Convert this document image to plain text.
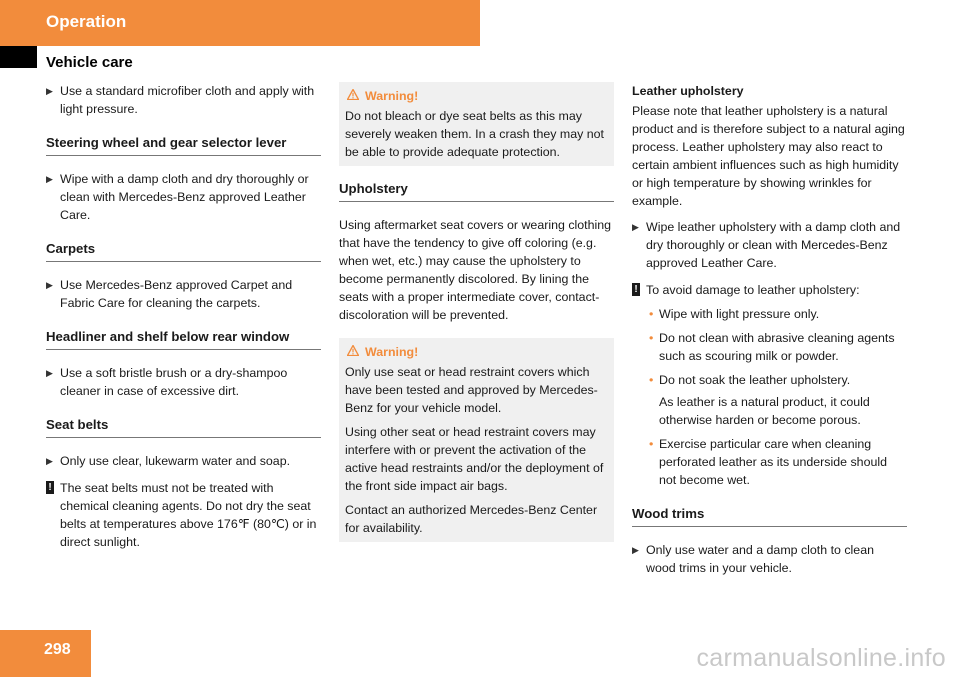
Operation
Vehicle care
▶ Use a standard microfiber cloth and apply with light pressure.
Steering wheel and gear selector lever
▶ Wipe with a damp cloth and dry thoroughly or clean with Mercedes-Benz approved Leather Care.
Carpets
▶ Use Mercedes-Benz approved Carpet and Fabric Care for cleaning the carpets.
Headliner and shelf below rear window
▶ Use a soft bristle brush or a dry-shampoo cleaner in case of excessive dirt.
Seat belts
▶ Only use clear, lukewarm water and soap.
! The seat belts must not be treated with chemical cleaning agents. Do not dry the seat belts at temperatures above 176℉ (80℃) or in direct sunlight.
Warning!

Do not bleach or dye seat belts as this may severely weaken them. In a crash they may not be able to provide adequate protection.

Upholstery

Using aftermarket seat covers or wearing clothing that have the tendency to give off coloring (e.g. when wet, etc.) may cause the upholstery to become permanently discolored. By lining the seats with a proper intermediate cover, contact-discoloration will be prevented.

Warning!

Only use seat or head restraint covers which have been tested and approved by Mercedes-Benz for your vehicle model.

Using other seat or head restraint covers may interfere with or prevent the activation of the active head restraints and/or the deployment of the front side impact air bags.

Contact an authorized Mercedes-Benz Center for availability.

Leather upholstery

Please note that leather upholstery is a natural product and is therefore subject to a natural aging process. Leather upholstery may also react to certain ambient influences such as high humidity or high temperature by showing wrinkles for example.

▶ Wipe leather upholstery with a damp cloth and dry thoroughly or clean with Mercedes-Benz approved Leather Care.
! To avoid damage to leather upholstery:
• Wipe with light pressure only.
• Do not clean with abrasive cleaning agents such as scouring milk or powder.
• Do not soak the leather upholstery.
As leather is a natural product, it could otherwise harden or become porous.
• Exercise particular care when cleaning perforated leather as its underside should not become wet.
Wood trims
▶ Only use water and a damp cloth to clean wood trims in your vehicle.
298	carmanualsonline.info
